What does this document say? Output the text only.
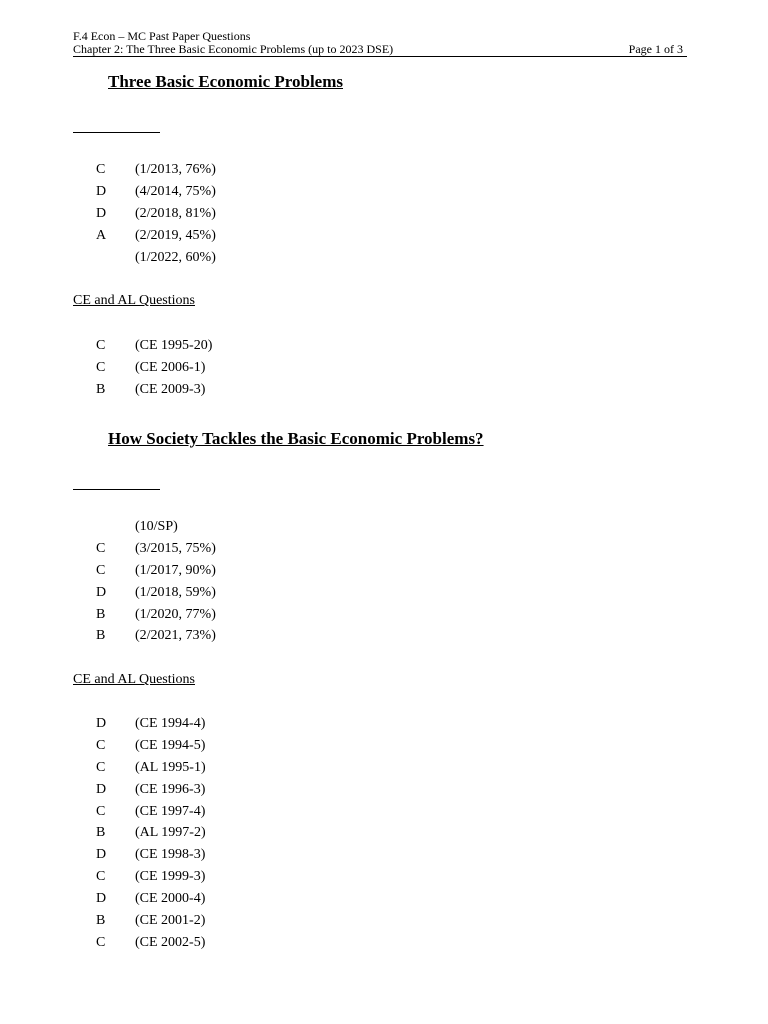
F.4 Econ – MC Past Paper Questions
Chapter 2: The Three Basic Economic Problems (up to 2023 DSE)	Page 1 of 3
Three Basic Economic Problems
C (1/2013, 76%)
D (4/2014, 75%)
D (2/2018, 81%)
A (2/2019, 45%)
(1/2022, 60%)
CE and AL Questions
C (CE 1995-20)
C (CE 2006-1)
B (CE 2009-3)
How Society Tackles the Basic Economic Problems?
(10/SP)
C (3/2015, 75%)
C (1/2017, 90%)
D (1/2018, 59%)
B (1/2020, 77%)
B (2/2021, 73%)
CE and AL Questions
D (CE 1994-4)
C (CE 1994-5)
C (AL 1995-1)
D (CE 1996-3)
C (CE 1997-4)
B (AL 1997-2)
D (CE 1998-3)
C (CE 1999-3)
D (CE 2000-4)
B (CE 2001-2)
C (CE 2002-5)
